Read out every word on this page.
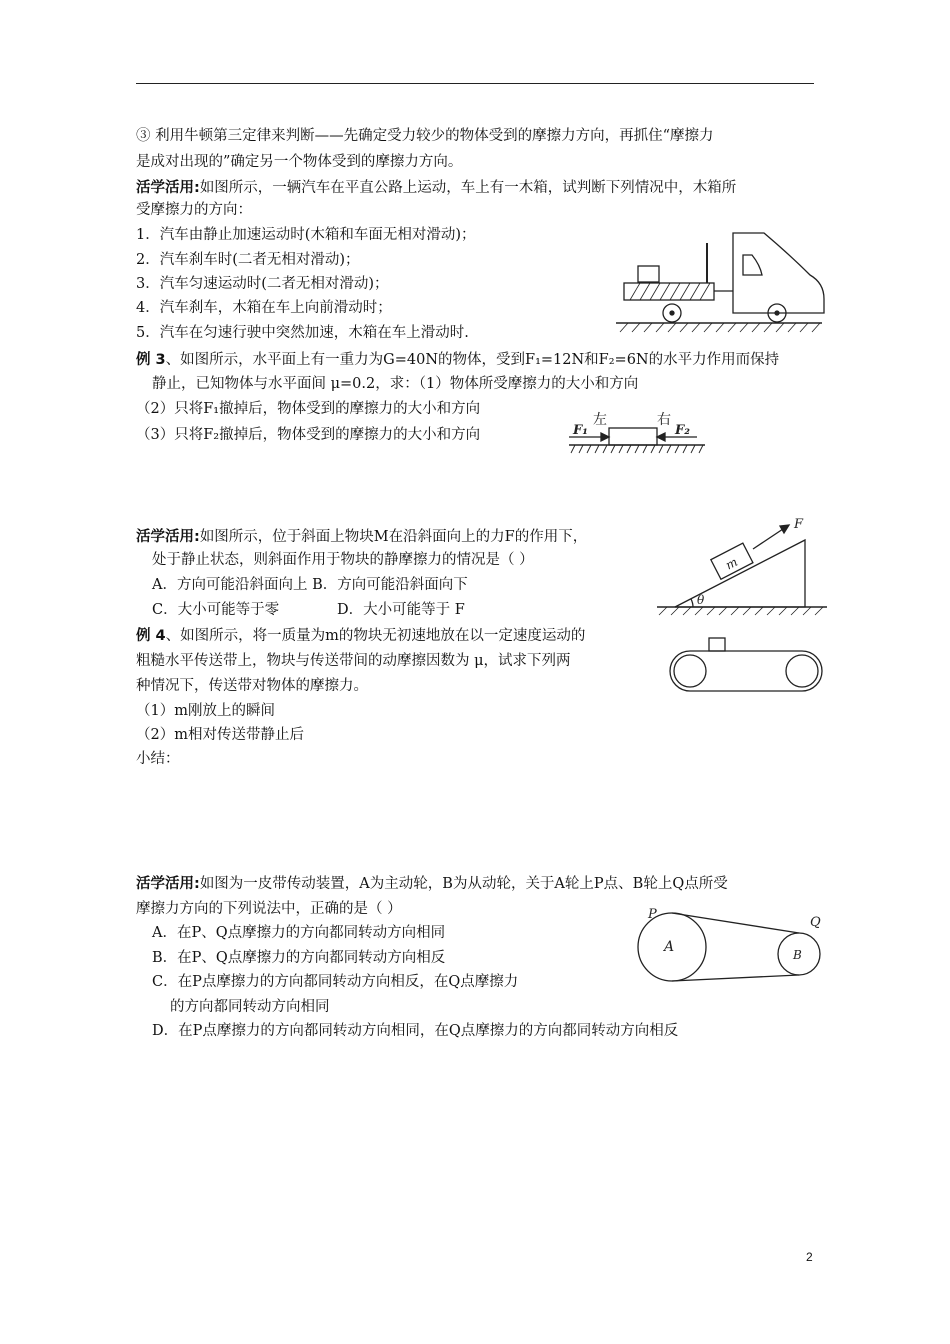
③ 利用牛顿第三定律来判断——先确定受力较少的物体受到的摩擦力方向，再抓住“摩擦力
是成对出现的”确定另一个物体受到的摩擦力方向。
活学活用:如图所示，一辆汽车在平直公路上运动，车上有一木箱，试判断下列情况中，木箱所
受摩擦力的方向：
1．汽车由静止加速运动时(木箱和车面无相对滑动)；
2．汽车刹车时(二者无相对滑动)；
3．汽车匀速运动时(二者无相对滑动)；
4．汽车刹车，木箱在车上向前滑动时；
5．汽车在匀速行驶中突然加速，木箱在车上滑动时.
例 3、如图所示，水平面上有一重力为G=40N的物体，受到F₁=12N和F₂=6N的水平力作用而保持
静止，已知物体与水平面间 μ=0.2，求：（1）物体所受摩擦力的大小和方向
（2）只将F₁撤掉后，物体受到的摩擦力的大小和方向
（3）只将F₂撤掉后，物体受到的摩擦力的大小和方向
左	右
F₁	F₂
活学活用:如图所示，位于斜面上物块M在沿斜面向上的力F的作用下，
处于静止状态，则斜面作用于物块的静摩擦力的情况是（ ）
A．方向可能沿斜面向上 B．方向可能沿斜面向下
C．大小可能等于零	D．大小可能等于 F
θ
m
F
例 4、如图所示，将一质量为m的物块无初速地放在以一定速度运动的
粗糙水平传送带上，物块与传送带间的动摩擦因数为 μ，试求下列两
种情况下，传送带对物体的摩擦力。
（1）m刚放上的瞬间
（2）m相对传送带静止后
小结：
活学活用:如图为一皮带传动装置，A为主动轮，B为从动轮，关于A轮上P点、B轮上Q点所受
摩擦力方向的下列说法中，正确的是（ ）
A．在P、Q点摩擦力的方向都同转动方向相同
B．在P、Q点摩擦力的方向都同转动方向相反
C．在P点摩擦力的方向都同转动方向相反，在Q点摩擦力
的方向都同转动方向相同
D．在P点摩擦力的方向都同转动方向相同，在Q点摩擦力的方向都同转动方向相反
P
Q
A	B
2
